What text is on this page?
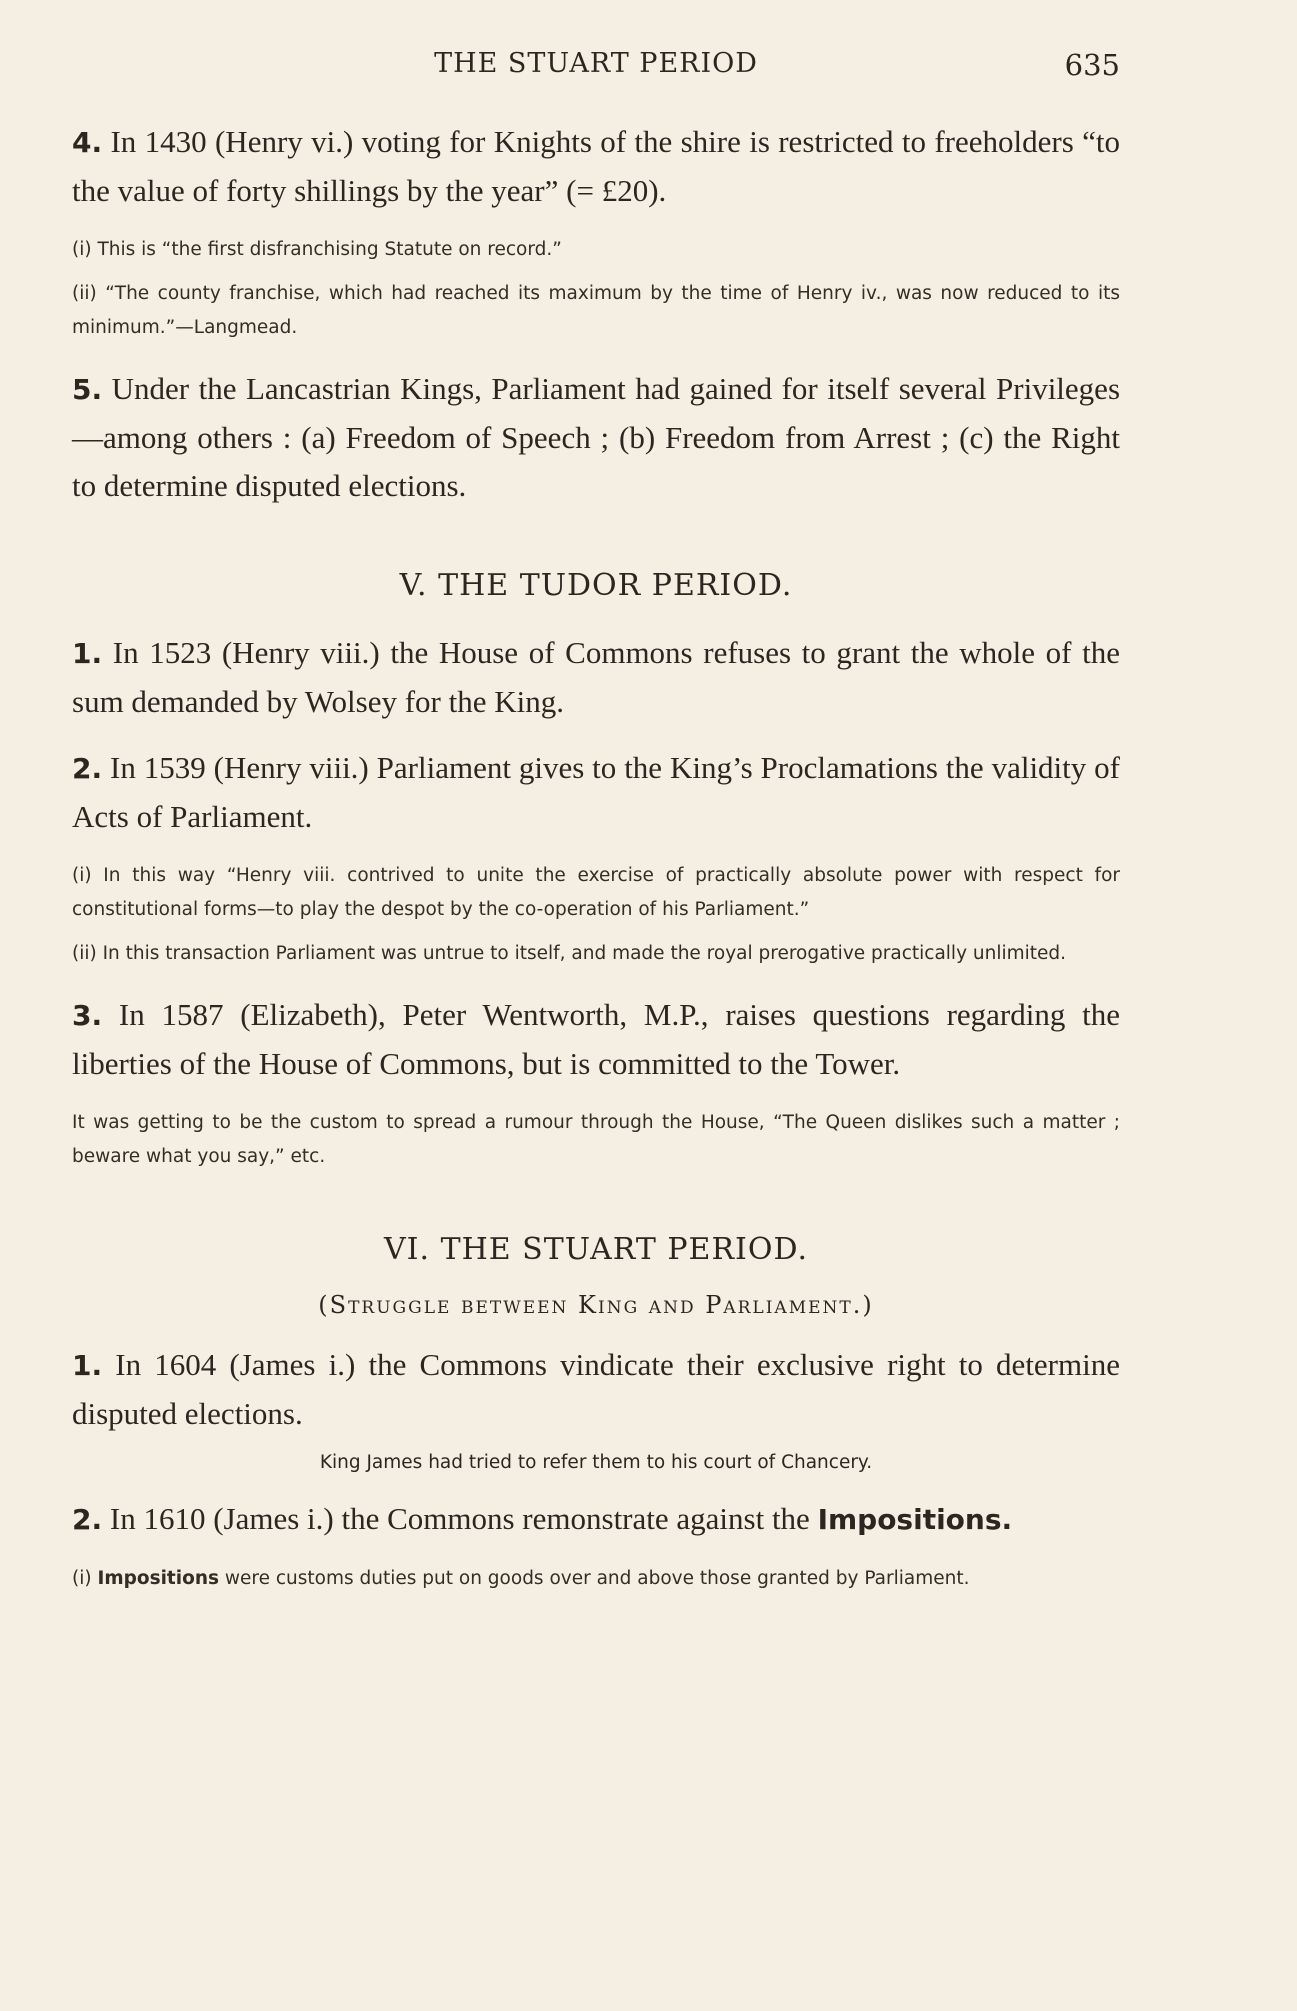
THE STUART PERIOD	635

4. In 1430 (Henry vi.) voting for Knights of the shire is restricted to freeholders “to the value of forty shillings by the year” (= £20).

(i) This is “the first disfranchising Statute on record.”

(ii) “The county franchise, which had reached its maximum by the time of Henry iv., was now reduced to its minimum.”—Langmead.

5. Under the Lancastrian Kings, Parliament had gained for itself several Privileges—among others : (a) Freedom of Speech ; (b) Freedom from Arrest ; (c) the Right to determine disputed elections.

V. THE TUDOR PERIOD.

1. In 1523 (Henry viii.) the House of Commons refuses to grant the whole of the sum demanded by Wolsey for the King.

2. In 1539 (Henry viii.) Parliament gives to the King’s Proclamations the validity of Acts of Parliament.

(i) In this way “Henry viii. contrived to unite the exercise of practically absolute power with respect for constitutional forms—to play the despot by the co-operation of his Parliament.”

(ii) In this transaction Parliament was untrue to itself, and made the royal prerogative practically unlimited.

3. In 1587 (Elizabeth), Peter Wentworth, M.P., raises questions regarding the liberties of the House of Commons, but is committed to the Tower.

It was getting to be the custom to spread a rumour through the House, “The Queen dislikes such a matter ; beware what you say,” etc.

VI. THE STUART PERIOD.
(Struggle between King and Parliament.)

1. In 1604 (James i.) the Commons vindicate their exclusive right to determine disputed elections.

King James had tried to refer them to his court of Chancery.

2. In 1610 (James i.) the Commons remonstrate against the Impositions.

(i) Impositions were customs duties put on goods over and above those granted by Parliament.
